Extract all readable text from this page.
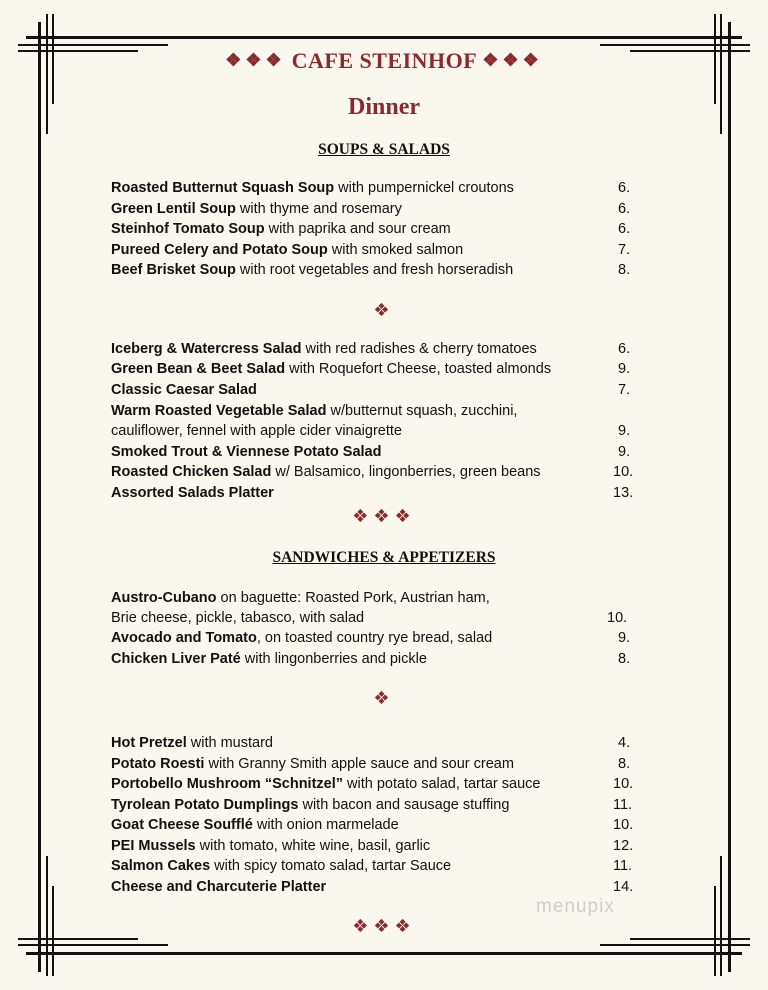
❖❖❖ CAFE STEINHOF ❖❖❖
Dinner
SOUPS & SALADS
Roasted Butternut Squash Soup with pumpernickel croutons	6.
Green Lentil Soup with thyme and rosemary	6.
Steinhof Tomato Soup with paprika and sour cream	6.
Pureed Celery and Potato Soup with smoked salmon	7.
Beef Brisket Soup with root vegetables and fresh horseradish	8.
❖
Iceberg & Watercress Salad with red radishes & cherry tomatoes	6.
Green Bean & Beet Salad with Roquefort Cheese, toasted almonds	9.
Classic Caesar Salad	7.
Warm Roasted Vegetable Salad w/butternut squash, zucchini,
cauliflower, fennel with apple cider vinaigrette	9.
Smoked Trout & Viennese Potato Salad	9.
Roasted Chicken Salad w/ Balsamico, lingonberries, green beans	10.
Assorted Salads Platter	13.
❖❖❖
SANDWICHES & APPETIZERS
Austro-Cubano on baguette: Roasted Pork, Austrian ham,
Brie cheese, pickle, tabasco, with salad	10.
Avocado and Tomato, on toasted country rye bread, salad	9.
Chicken Liver Paté with lingonberries and pickle	8.
❖
Hot Pretzel with mustard	4.
Potato Roesti with Granny Smith apple sauce and sour cream	8.
Portobello Mushroom “Schnitzel” with potato salad, tartar sauce	10.
Tyrolean Potato Dumplings with bacon and sausage stuffing	11.
Goat Cheese Soufflé with onion marmelade	10.
PEI Mussels with tomato, white wine, basil, garlic	12.
Salmon Cakes with spicy tomato salad, tartar Sauce	11.
Cheese and Charcuterie Platter	14.
menupix
❖❖❖
